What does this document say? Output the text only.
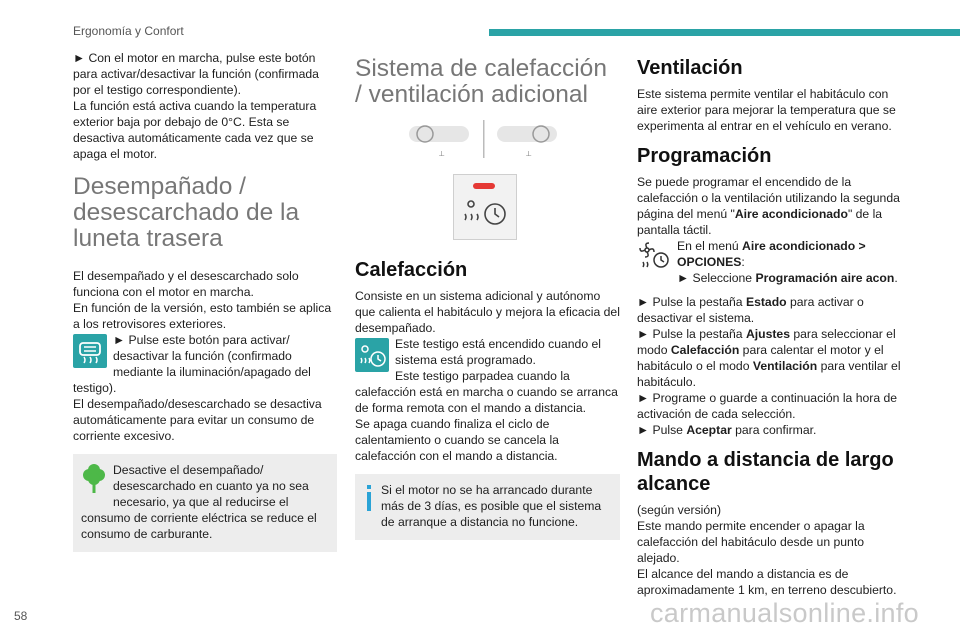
Ergonomía y Confort

► Con el motor en marcha, pulse este botón para activar/desactivar la función (confirmada por el testigo correspondiente).

La función está activa cuando la temperatura exterior baja por debajo de 0°C. Esta se desactiva automáticamente cada vez que se apaga el motor.

Desempañado / desescarchado de la luneta trasera

El desempañado y el desescarchado solo funciona con el motor en marcha.

En función de la versión, esto también se aplica a los retrovisores exteriores.

► Pulse este botón para activar/ desactivar la función (confirmado mediante la iluminación/apagado del testigo).

El desempañado/desescarchado se desactiva automáticamente para evitar un consumo de corriente excesivo.

Desactive el desempañado/ desescarchado en cuanto ya no sea necesario, ya que al reducirse el consumo de corriente eléctrica se reduce el consumo de carburante.
Sistema de calefacción / ventilación adicional
⟂	⟂
Calefacción

Consiste en un sistema adicional y autónomo que calienta el habitáculo y mejora la eficacia del desempañado.

Este testigo está encendido cuando el sistema está programado.

Este testigo parpadea cuando la calefacción está en marcha o cuando se arranca de forma remota con el mando a distancia.

Se apaga cuando finaliza el ciclo de calentamiento o cuando se cancela la calefacción con el mando a distancia.

Si el motor no se ha arrancado durante más de 3 días, es posible que el sistema de arranque a distancia no funcione.
Ventilación

Este sistema permite ventilar el habitáculo con aire exterior para mejorar la temperatura que se experimenta al entrar en el vehículo en verano.

Programación

Se puede programar el encendido de la calefacción o la ventilación utilizando la segunda página del menú "Aire acondicionado" de la pantalla táctil.

En el menú Aire acondicionado > OPCIONES:

► Seleccione Programación aire acon.

► Pulse la pestaña Estado para activar o desactivar el sistema.

► Pulse la pestaña Ajustes para seleccionar el modo Calefacción para calentar el motor y el habitáculo o el modo Ventilación para ventilar el habitáculo.

► Programe o guarde a continuación la hora de activación de cada selección.

► Pulse Aceptar para confirmar.

Mando a distancia de largo alcance

(según versión)

Este mando permite encender o apagar la calefacción del habitáculo desde un punto alejado.

El alcance del mando a distancia es de aproximadamente 1 km, en terreno descubierto.

58	carmanualsonline.info
